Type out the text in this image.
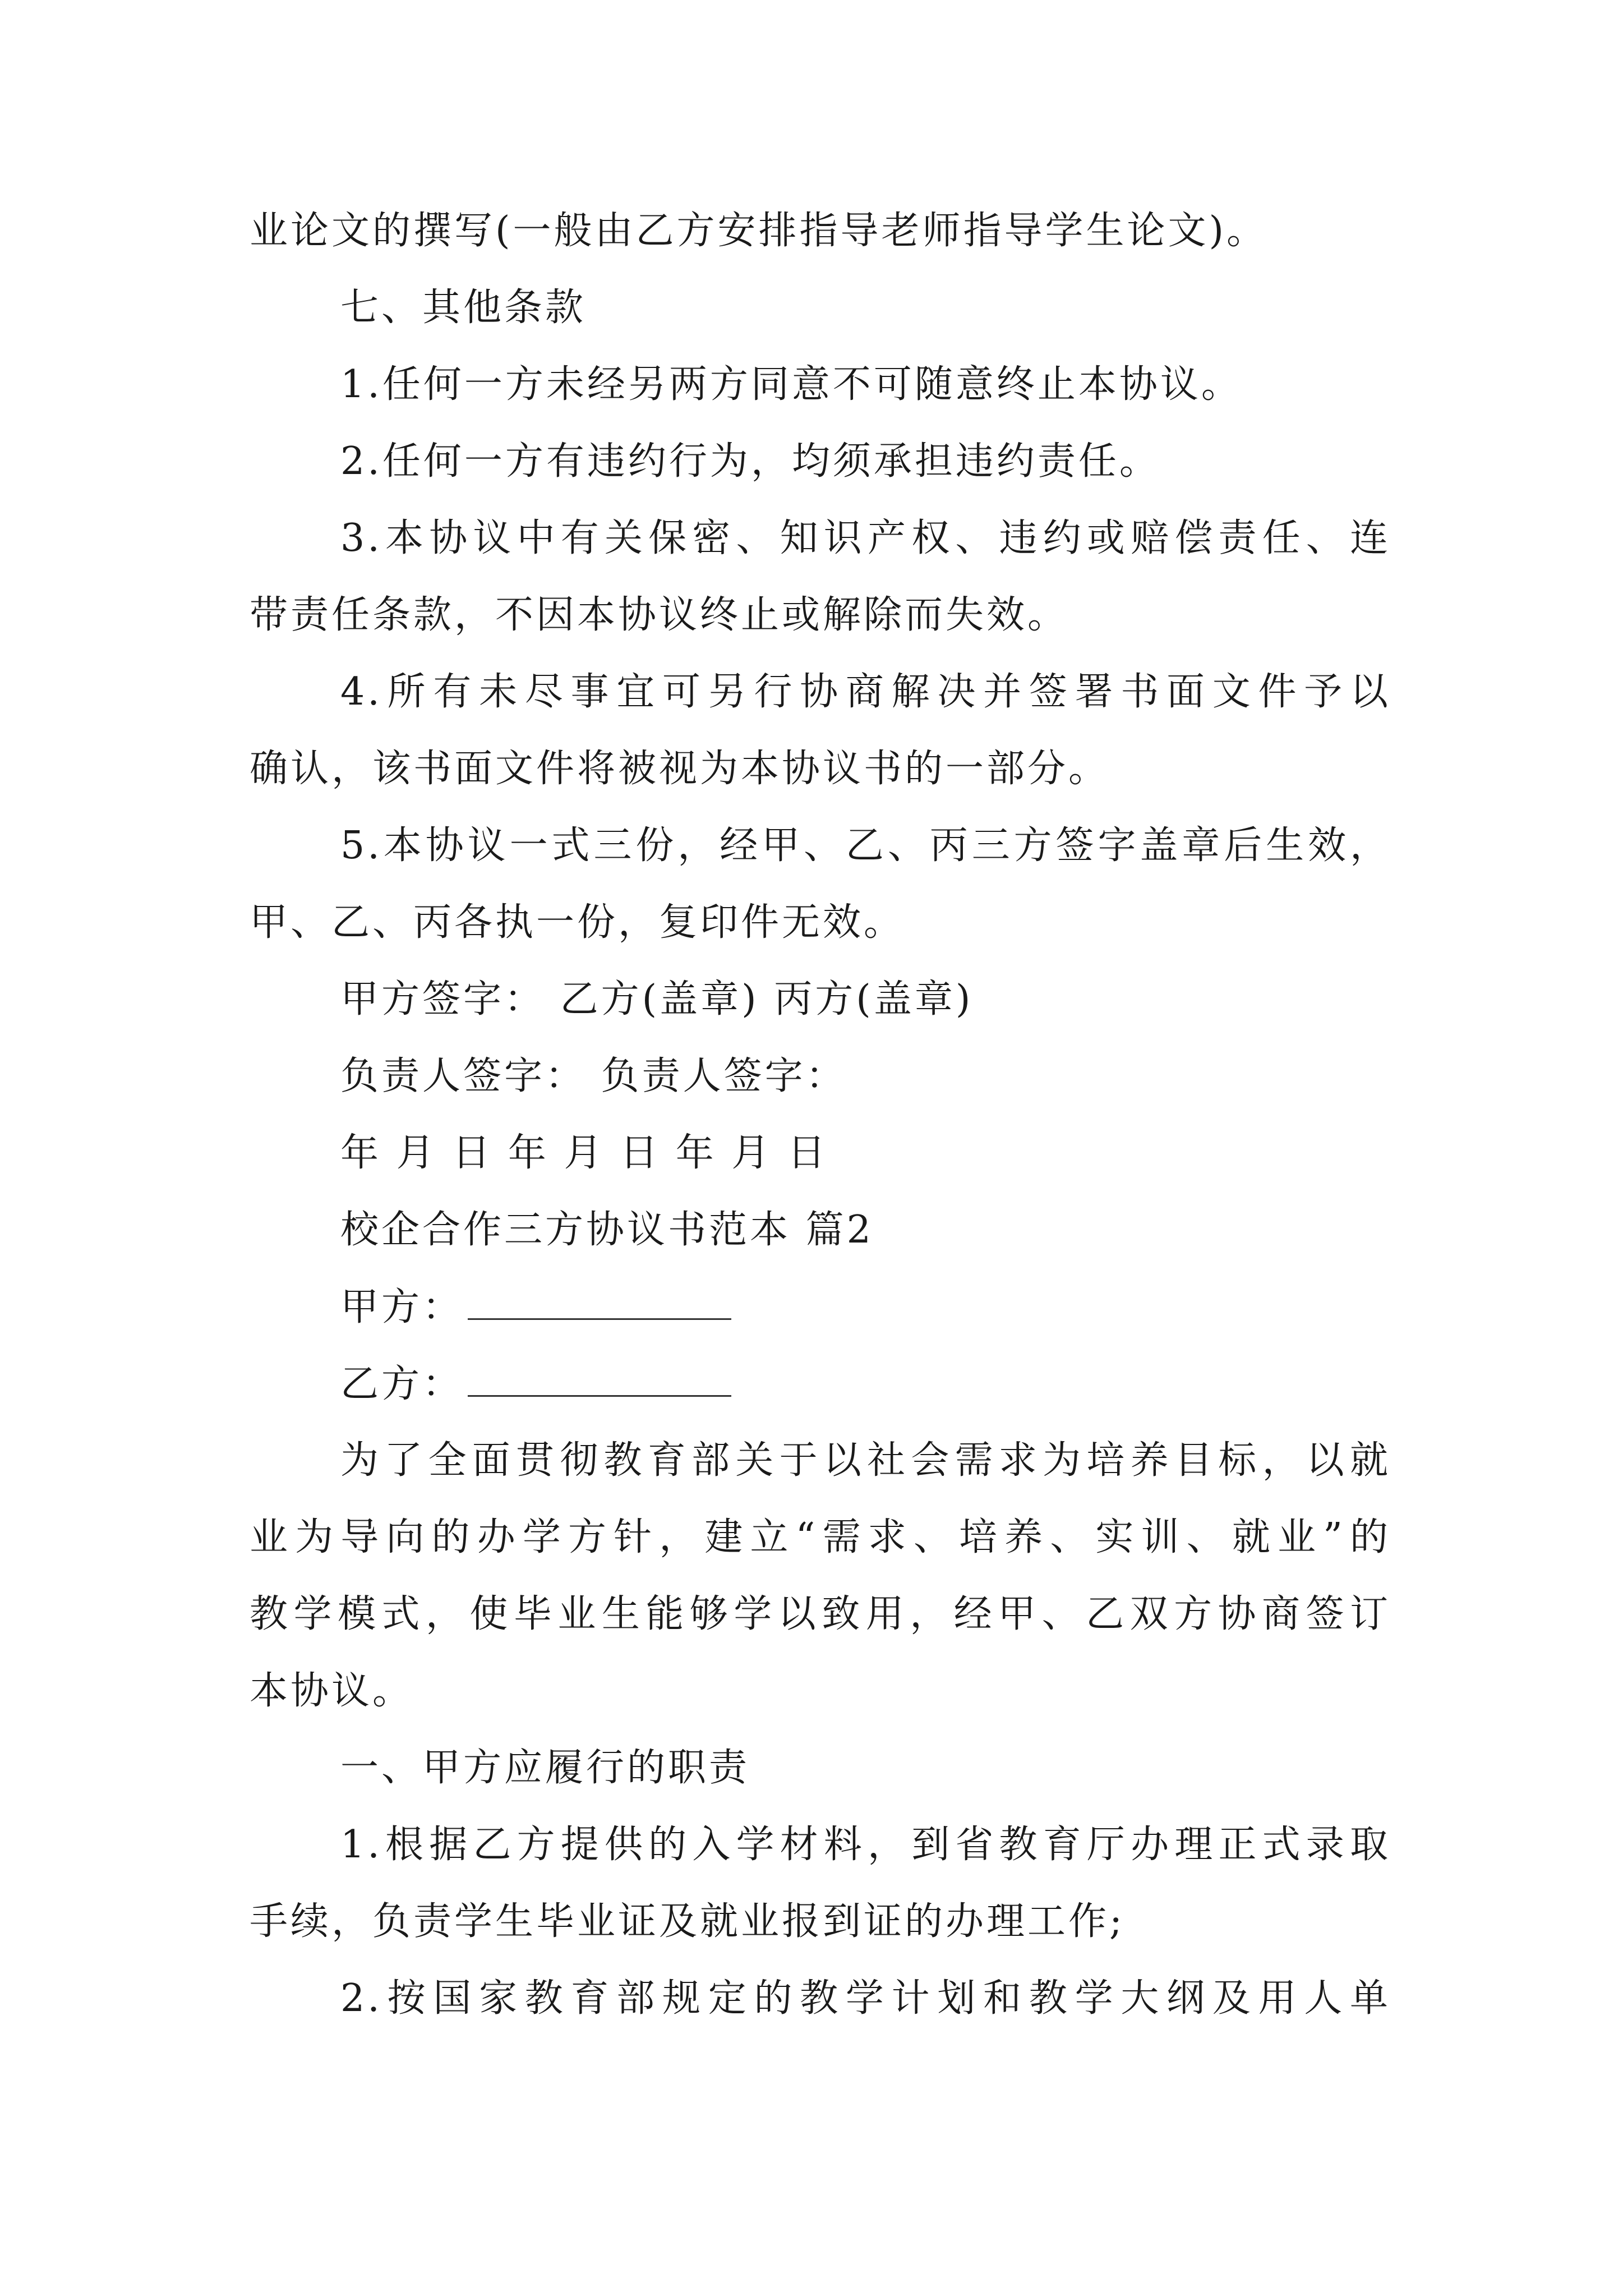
业论文的撰写(一般由乙方安排指导老师指导学生论文)。
七、其他条款
1.任何一方未经另两方同意不可随意终止本协议。
2.任何一方有违约行为，均须承担违约责任。
3.本协议中有关保密、知识产权、违约或赔偿责任、连
带责任条款，不因本协议终止或解除而失效。
4.所有未尽事宜可另行协商解决并签署书面文件予以
确认，该书面文件将被视为本协议书的一部分。
5.本协议一式三份，经甲、乙、丙三方签字盖章后生效，
甲、乙、丙各执一份，复印件无效。
甲方签字： 乙方(盖章) 丙方(盖章)
负责人签字： 负责人签字：
年 月 日 年 月 日 年 月 日
校企合作三方协议书范本 篇2
甲方：
乙方：
为了全面贯彻教育部关于以社会需求为培养目标，以就
业为导向的办学方针，建立“需求、培养、实训、就业”的
教学模式，使毕业生能够学以致用，经甲、乙双方协商签订
本协议。
一、甲方应履行的职责
1.根据乙方提供的入学材料，到省教育厅办理正式录取
手续，负责学生毕业证及就业报到证的办理工作;
2.按国家教育部规定的教学计划和教学大纲及用人单
